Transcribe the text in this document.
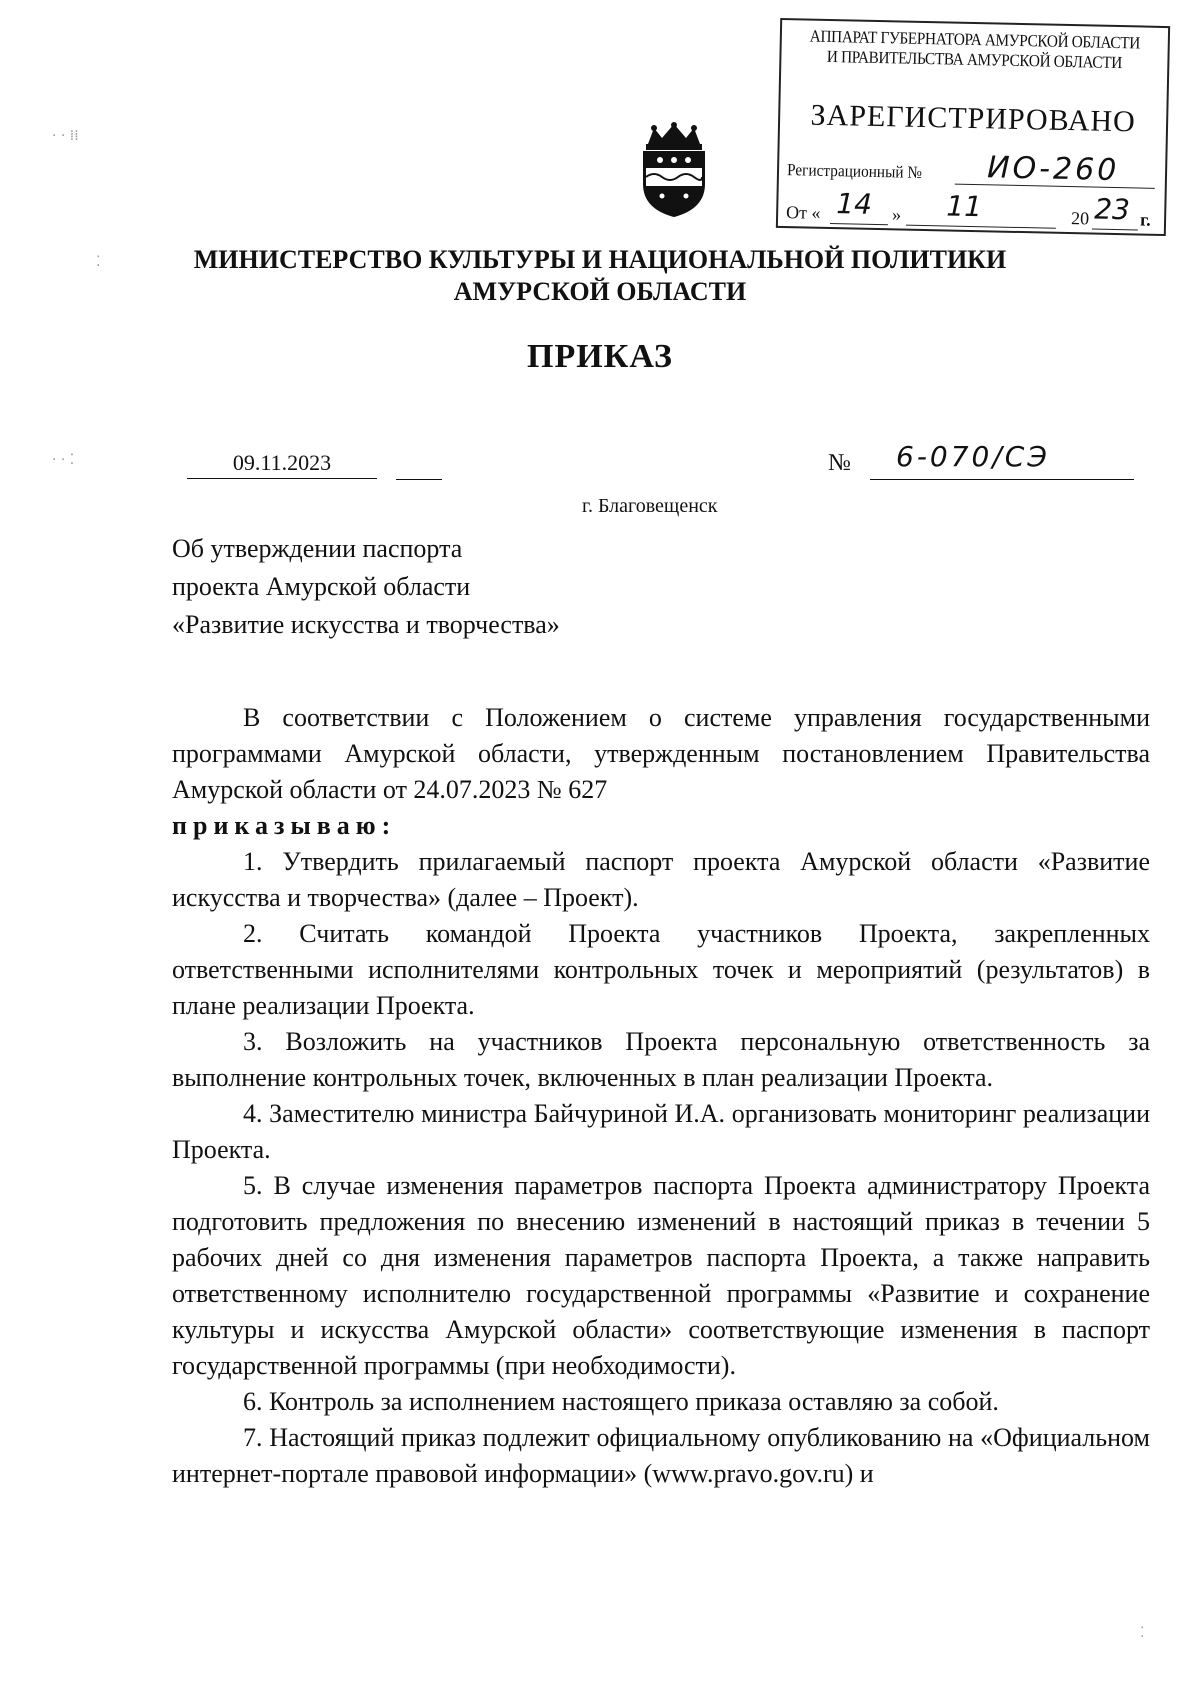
АППАРАТ ГУБЕРНАТОРА АМУРСКОЙ ОБЛАСТИ
И ПРАВИТЕЛЬСТВА АМУРСКОЙ ОБЛАСТИ
ЗАРЕГИСТРИРОВАНО
Регистрационный № ИО-260
От « 14 » 11	20 23 г.
МИНИСТЕРСТВО КУЛЬТУРЫ И НАЦИОНАЛЬНОЙ ПОЛИТИКИ
АМУРСКОЙ ОБЛАСТИ
ПРИКАЗ
09.11.2023	№	6-070/СЭ
г. Благовещенск
Об утверждении паспорта
проекта Амурской области
«Развитие искусства и творчества»

В соответствии с Положением о системе управления государственными программами Амурской области, утвержденным постановлением Правительства Амурской области от 24.07.2023 № 627

приказываю:

1. Утвердить прилагаемый паспорт проекта Амурской области «Развитие искусства и творчества» (далее – Проект).

2. Считать командой Проекта участников Проекта, закрепленных ответственными исполнителями контрольных точек и мероприятий (результатов) в плане реализации Проекта.

3. Возложить на участников Проекта персональную ответственность за выполнение контрольных точек, включенных в план реализации Проекта.

4. Заместителю министра Байчуриной И.А. организовать мониторинг реализации Проекта.

5. В случае изменения параметров паспорта Проекта администратору Проекта подготовить предложения по внесению изменений в настоящий приказ в течении 5 рабочих дней со дня изменения параметров паспорта Проекта, а также направить ответственному исполнителю государственной программы «Развитие и сохранение культуры и искусства Амурской области» соответствующие изменения в паспорт государственной программы (при необходимости).

6. Контроль за исполнением настоящего приказа оставляю за собой.

7. Настоящий приказ подлежит официальному опубликованию на «Официальном интернет-портале правовой информации» (www.pravo.gov.ru) и

· · ⁞⁞
⁚
· · ⁚
⁚
